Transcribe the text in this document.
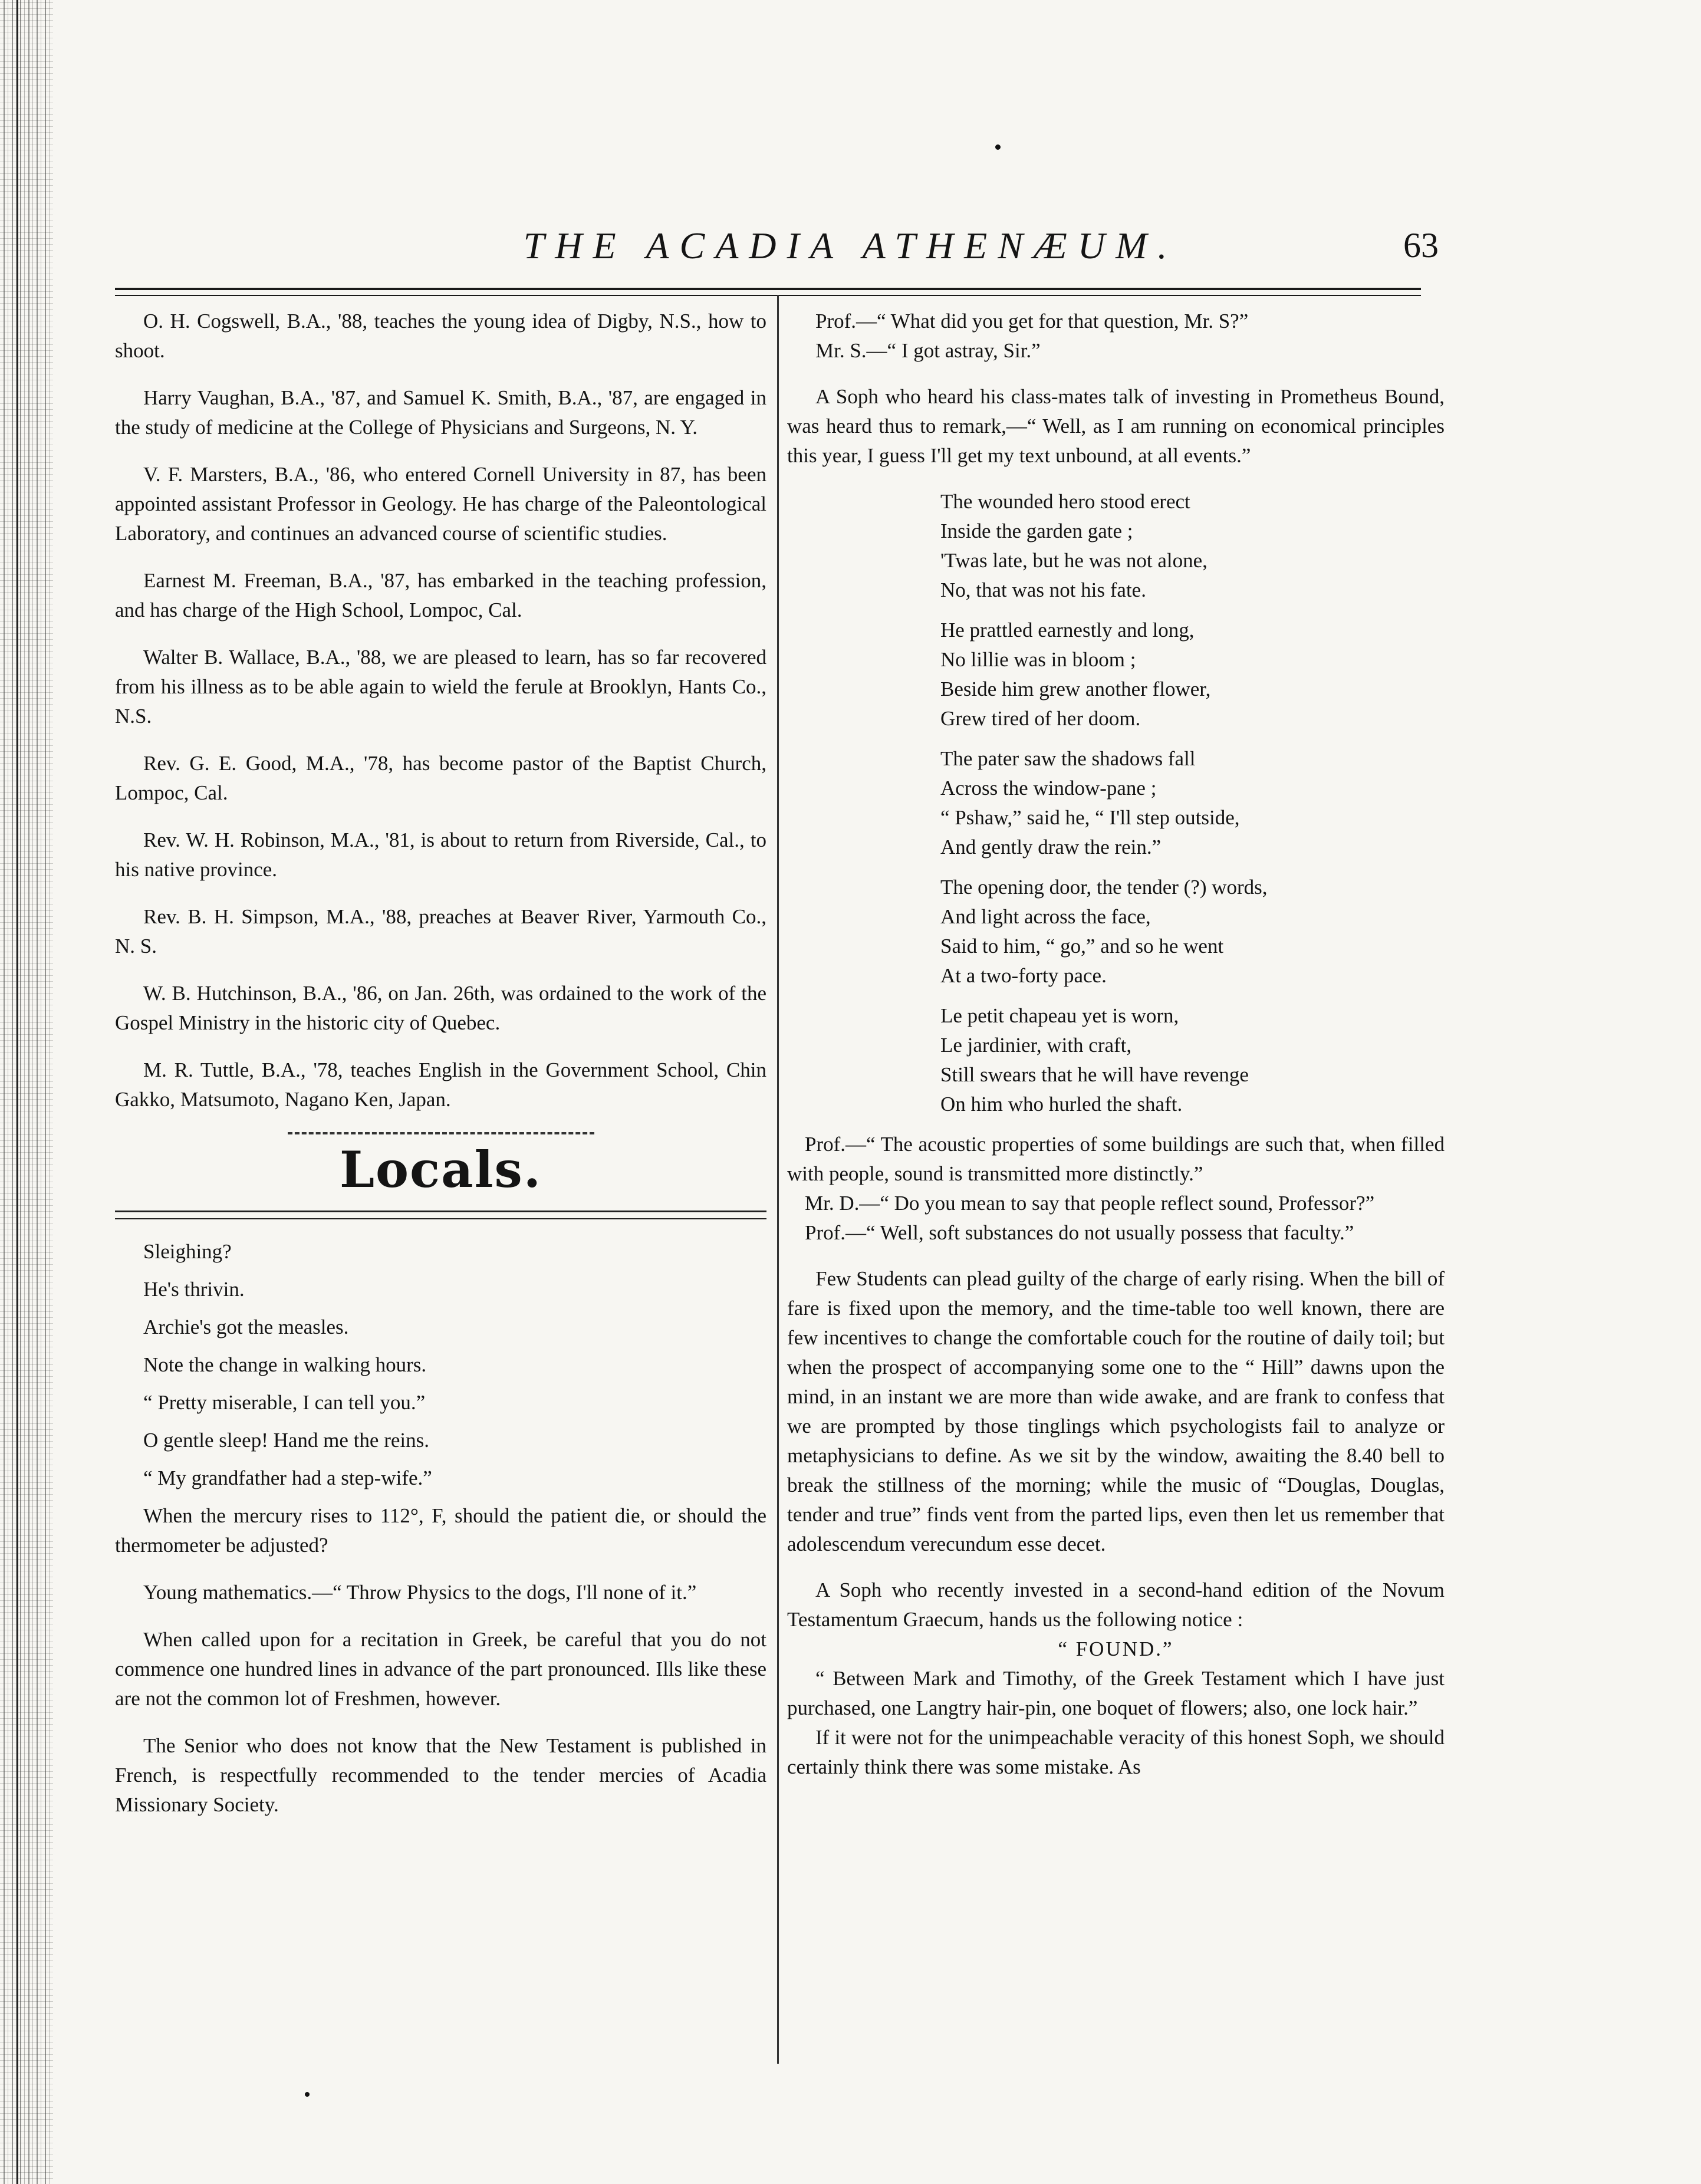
THE ACADIA ATHENÆUM.	63

O. H. Cogswell, B.A., '88, teaches the young idea of Digby, N.S., how to shoot.

Harry Vaughan, B.A., '87, and Samuel K. Smith, B.A., '87, are engaged in the study of medicine at the College of Physicians and Surgeons, N. Y.

V. F. Marsters, B.A., '86, who entered Cornell University in 87, has been appointed assistant Professor in Geology. He has charge of the Paleontological Laboratory, and continues an advanced course of scientific studies.

Earnest M. Freeman, B.A., '87, has embarked in the teaching profession, and has charge of the High School, Lompoc, Cal.

Walter B. Wallace, B.A., '88, we are pleased to learn, has so far recovered from his illness as to be able again to wield the ferule at Brooklyn, Hants Co., N.S.

Rev. G. E. Good, M.A., '78, has become pastor of the Baptist Church, Lompoc, Cal.

Rev. W. H. Robinson, M.A., '81, is about to return from Riverside, Cal., to his native province.

Rev. B. H. Simpson, M.A., '88, preaches at Beaver River, Yarmouth Co., N. S.

W. B. Hutchinson, B.A., '86, on Jan. 26th, was ordained to the work of the Gospel Ministry in the historic city of Quebec.

M. R. Tuttle, B.A., '78, teaches English in the Government School, Chin Gakko, Matsumoto, Nagano Ken, Japan.

Locals.

Sleighing?

He's thrivin.

Archie's got the measles.

Note the change in walking hours.

“ Pretty miserable, I can tell you.”

O gentle sleep! Hand me the reins.

“ My grandfather had a step-wife.”

When the mercury rises to 112°, F, should the patient die, or should the thermometer be adjusted?

Young mathematics.—“ Throw Physics to the dogs, I'll none of it.”

When called upon for a recitation in Greek, be careful that you do not commence one hundred lines in advance of the part pronounced. Ills like these are not the common lot of Freshmen, however.

The Senior who does not know that the New Testament is published in French, is respectfully recommended to the tender mercies of Acadia Missionary Society.

Prof.—“ What did you get for that question, Mr. S?”

Mr. S.—“ I got astray, Sir.”

A Soph who heard his class-mates talk of investing in Prometheus Bound, was heard thus to remark,—“ Well, as I am running on economical principles this year, I guess I'll get my text unbound, at all events.”

The wounded hero stood erect
Inside the garden gate ;
'Twas late, but he was not alone,
No, that was not his fate.
He prattled earnestly and long,
No lillie was in bloom ;
Beside him grew another flower,
Grew tired of her doom.
The pater saw the shadows fall
Across the window-pane ;
“ Pshaw,” said he, “ I'll step outside,
And gently draw the rein.”
The opening door, the tender (?) words,
And light across the face,
Said to him, “ go,” and so he went
At a two-forty pace.
Le petit chapeau yet is worn,
Le jardinier, with craft,
Still swears that he will have revenge
On him who hurled the shaft.

Prof.—“ The acoustic properties of some buildings are such that, when filled with people, sound is transmitted more distinctly.”

Mr. D.—“ Do you mean to say that people reflect sound, Professor?”

Prof.—“ Well, soft substances do not usually possess that faculty.”

Few Students can plead guilty of the charge of early rising. When the bill of fare is fixed upon the memory, and the time-table too well known, there are few incentives to change the comfortable couch for the routine of daily toil; but when the prospect of accompanying some one to the “ Hill” dawns upon the mind, in an instant we are more than wide awake, and are frank to confess that we are prompted by those tinglings which psychologists fail to analyze or metaphysicians to define. As we sit by the window, awaiting the 8.40 bell to break the stillness of the morning; while the music of “Douglas, Douglas, tender and true” finds vent from the parted lips, even then let us remember that adolescendum verecundum esse decet.

A Soph who recently invested in a second-hand edition of the Novum Testamentum Graecum, hands us the following notice :

“ FOUND.”

“ Between Mark and Timothy, of the Greek Testament which I have just purchased, one Langtry hair-pin, one boquet of flowers; also, one lock hair.”

If it were not for the unimpeachable veracity of this honest Soph, we should certainly think there was some mistake. As
